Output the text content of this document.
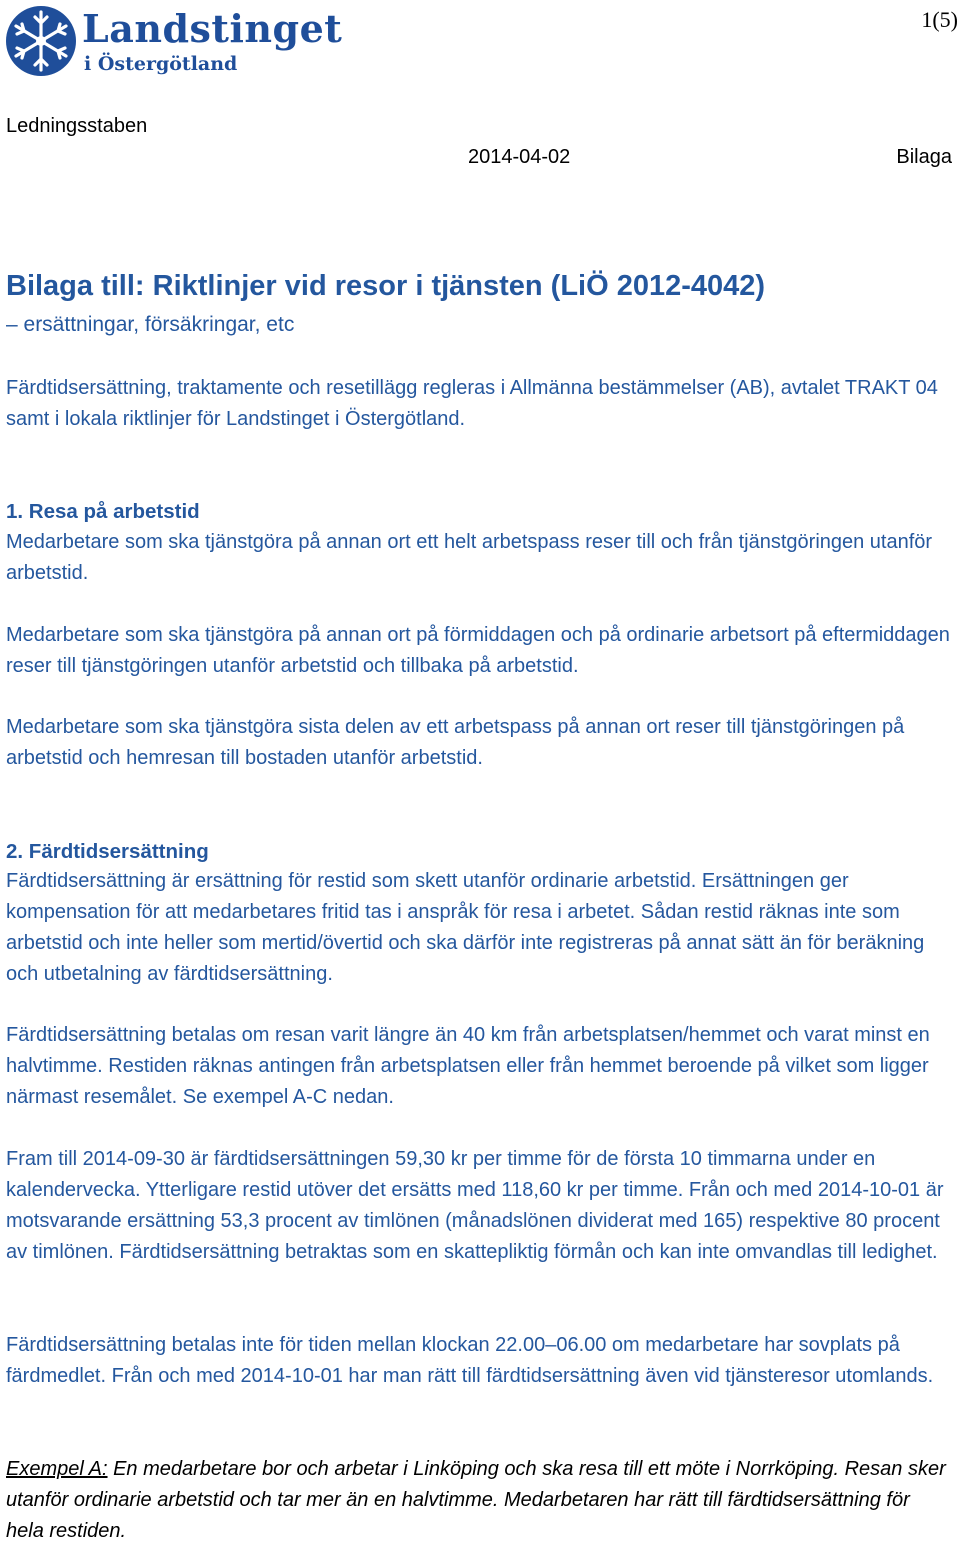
Landstinget
i Östergötland
1(5)
Ledningsstaben
2014-04-02	Bilaga
Bilaga till: Riktlinjer vid resor i tjänsten (LiÖ 2012-4042)
– ersättningar, försäkringar, etc
Färdtidsersättning, traktamente och resetillägg regleras i Allmänna bestämmelser (AB), avtalet TRAKT 04 samt i lokala riktlinjer för Landstinget i Östergötland.
1. Resa på arbetstid
Medarbetare som ska tjänstgöra på annan ort ett helt arbetspass reser till och från tjänstgöringen utanför arbetstid.
Medarbetare som ska tjänstgöra på annan ort på förmiddagen och på ordinarie arbetsort på eftermiddagen reser till tjänstgöringen utanför arbetstid och tillbaka på arbetstid.
Medarbetare som ska tjänstgöra sista delen av ett arbetspass på annan ort reser till tjänstgöringen på arbetstid och hemresan till bostaden utanför arbetstid.
2. Färdtidsersättning
Färdtidsersättning är ersättning för restid som skett utanför ordinarie arbetstid. Ersättningen ger kompensation för att medarbetares fritid tas i anspråk för resa i arbetet. Sådan restid räknas inte som arbetstid och inte heller som mertid/övertid och ska därför inte registreras på annat sätt än för beräkning och utbetalning av färdtidsersättning.
Färdtidsersättning betalas om resan varit längre än 40 km från arbetsplatsen/hemmet och varat minst en halvtimme. Restiden räknas antingen från arbetsplatsen eller från hemmet beroende på vilket som ligger närmast resemålet. Se exempel A-C nedan.
Fram till 2014-09-30 är färdtidsersättningen 59,30 kr per timme för de första 10 timmarna under en kalendervecka. Ytterligare restid utöver det ersätts med 118,60 kr per timme. Från och med 2014-10-01 är motsvarande ersättning 53,3 procent av timlönen (månadslönen dividerat med 165) respektive 80 procent av timlönen. Färdtidsersättning betraktas som en skattepliktig förmån och kan inte omvandlas till ledighet.
Färdtidsersättning betalas inte för tiden mellan klockan 22.00–06.00 om medarbetare har sovplats på färdmedlet. Från och med 2014-10-01 har man rätt till färdtidsersättning även vid tjänsteresor utomlands.
Exempel A: En medarbetare bor och arbetar i Linköping och ska resa till ett möte i Norrköping. Resan sker utanför ordinarie arbetstid och tar mer än en halvtimme. Medarbetaren har rätt till färdtidsersättning för hela restiden.
